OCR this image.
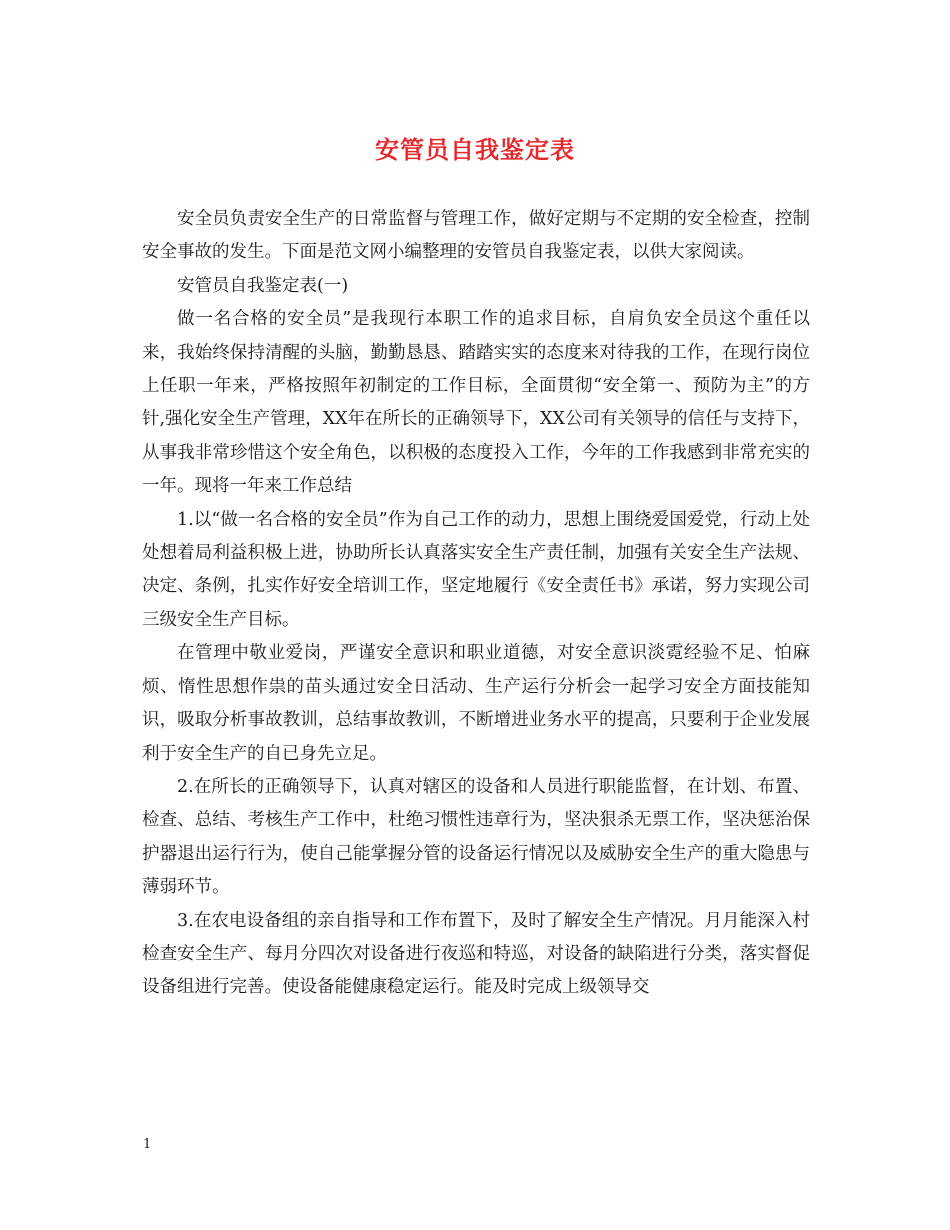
安管员自我鉴定表

安全员负责安全生产的日常监督与管理工作，做好定期与不定期的安全检查，控制安全事故的发生。下面是范文网小编整理的安管员自我鉴定表，以供大家阅读。

安管员自我鉴定表(一)

做一名合格的安全员”是我现行本职工作的追求目标，自肩负安全员这个重任以来，我始终保持清醒的头脑，勤勤恳恳、踏踏实实的态度来对待我的工作，在现行岗位上任职一年来，严格按照年初制定的工作目标，全面贯彻“安全第一、预防为主”的方针,强化安全生产管理，XX年在所长的正确领导下，XX公司有关领导的信任与支持下，从事我非常珍惜这个安全角色，以积极的态度投入工作，今年的工作我感到非常充实的一年。现将一年来工作总结

1.以“做一名合格的安全员”作为自己工作的动力，思想上围绕爱国爱党，行动上处处想着局利益积极上进，协助所长认真落实安全生产责任制，加强有关安全生产法规、决定、条例，扎实作好安全培训工作，坚定地履行《安全责任书》承诺，努力实现公司三级安全生产目标。

在管理中敬业爱岗，严谨安全意识和职业道德，对安全意识淡霓经验不足、怕麻烦、惰性思想作祟的苗头通过安全日活动、生产运行分析会一起学习安全方面技能知识，吸取分析事故教训，总结事故教训，不断增进业务水平的提高，只要利于企业发展利于安全生产的自已身先立足。

2.在所长的正确领导下，认真对辖区的设备和人员进行职能监督，在计划、布置、检查、总结、考核生产工作中，杜绝习惯性违章行为，坚决狠杀无票工作，坚决惩治保护器退出运行行为，使自己能掌握分管的设备运行情况以及威胁安全生产的重大隐患与薄弱环节。

3.在农电设备组的亲自指导和工作布置下，及时了解安全生产情况。月月能深入村检查安全生产、每月分四次对设备进行夜巡和特巡，对设备的缺陷进行分类，落实督促设备组进行完善。使设备能健康稳定运行。能及时完成上级领导交

1
